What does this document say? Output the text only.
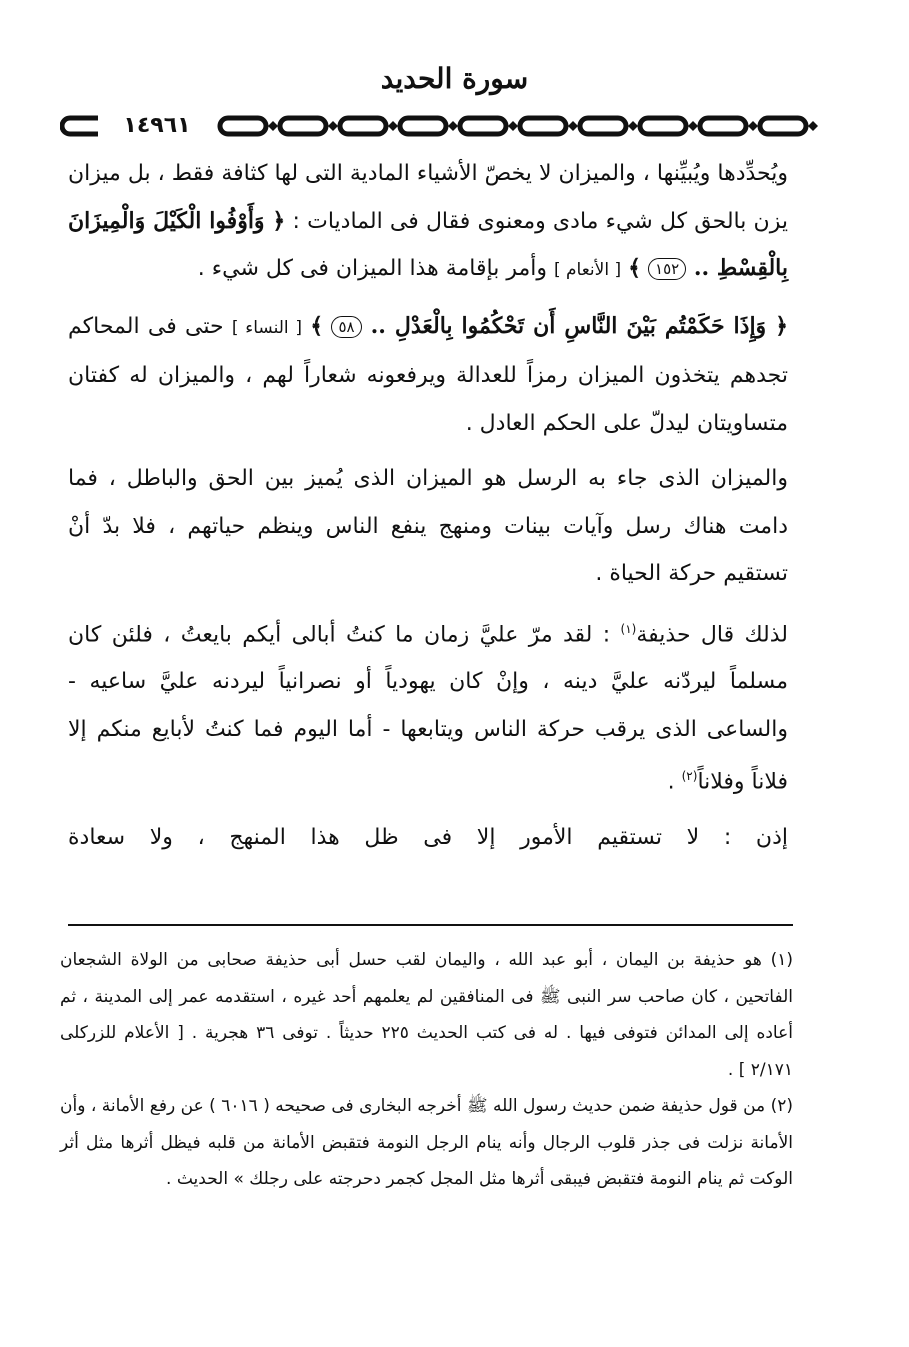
سورة الحديد
١٤٩٦١

ويُحدِّدها ويُبيِّنها ، والميزان لا يخصّ الأشياء المادية التى لها كثافة فقط ، بل ميزان يزن بالحق كل شيء مادى ومعنوى فقال فى الماديات : ﴿ وَأَوْفُوا الْكَيْلَ وَالْمِيزَانَ بِالْقِسْطِ .. ١٥٢ ﴾ [ الأنعام ] وأمر بإقامة هذا الميزان فى كل شيء .

﴿ وَإِذَا حَكَمْتُم بَيْنَ النَّاسِ أَن تَحْكُمُوا بِالْعَدْلِ .. ٥٨ ﴾ [ النساء ] حتى فى المحاكم تجدهم يتخذون الميزان رمزاً للعدالة ويرفعونه شعاراً لهم ، والميزان له كفتان متساويتان ليدلّ على الحكم العادل .

والميزان الذى جاء به الرسل هو الميزان الذى يُميز بين الحق والباطل ، فما دامت هناك رسل وآيات بينات ومنهج ينفع الناس وينظم حياتهم ، فلا بدّ أنْ تستقيم حركة الحياة .

لذلك قال حذيفة$^{(١)}$ : لقد مرّ عليَّ زمان ما كنتُ أبالى أيكم بايعتُ ، فلئن كان مسلماً ليردّنه عليَّ دينه ، وإنْ كان يهودياً أو نصرانياً ليردنه عليَّ ساعيه - والساعى الذى يرقب حركة الناس ويتابعها - أما اليوم فما كنتُ لأبايع منكم إلا فلاناً وفلاناً$^{(٢)}$ .

إذن : لا تستقيم الأمور إلا فى ظل هذا المنهج ، ولا سعادة

(١) هو حذيفة بن اليمان ، أبو عبد الله ، واليمان لقب حسل أبى حذيفة صحابى من الولاة الشجعان الفاتحين ، كان صاحب سر النبى ﷺ فى المنافقين لم يعلمهم أحد غيره ، استقدمه عمر إلى المدينة ، ثم أعاده إلى المدائن فتوفى فيها . له فى كتب الحديث ٢٢٥ حديثاً . توفى ٣٦ هجرية . [ الأعلام للزركلى ٢/١٧١ ] .

(٢) من قول حذيفة ضمن حديث رسول الله ﷺ أخرجه البخارى فى صحيحه ( ٦٠١٦ ) عن رفع الأمانة ، وأن الأمانة نزلت فى جذر قلوب الرجال وأنه ينام الرجل النومة فتقبض الأمانة من قلبه فيظل أثرها مثل أثر الوكت ثم ينام النومة فتقبض فيبقى أثرها مثل المجل كجمر دحرجته على رجلك » الحديث .
